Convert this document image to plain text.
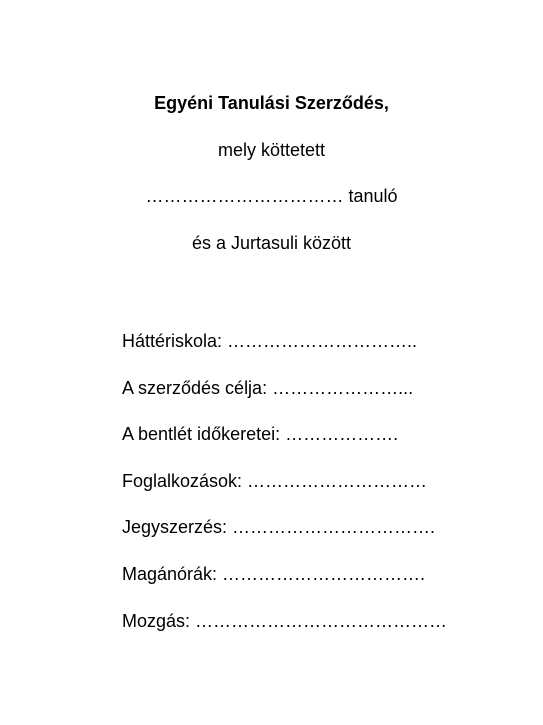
Egyéni Tanulási Szerződés,
mely köttetett
…………………………… tanuló
és a Jurtasuli között
Háttériskola: …………………………..
A szerződés célja: …………………...
A bentlét időkeretei: ……………….
Foglalkozások: …………………………
Jegyszerzés: …………………………….
Magánórák: …………………………….
Mozgás: ……………………………………
